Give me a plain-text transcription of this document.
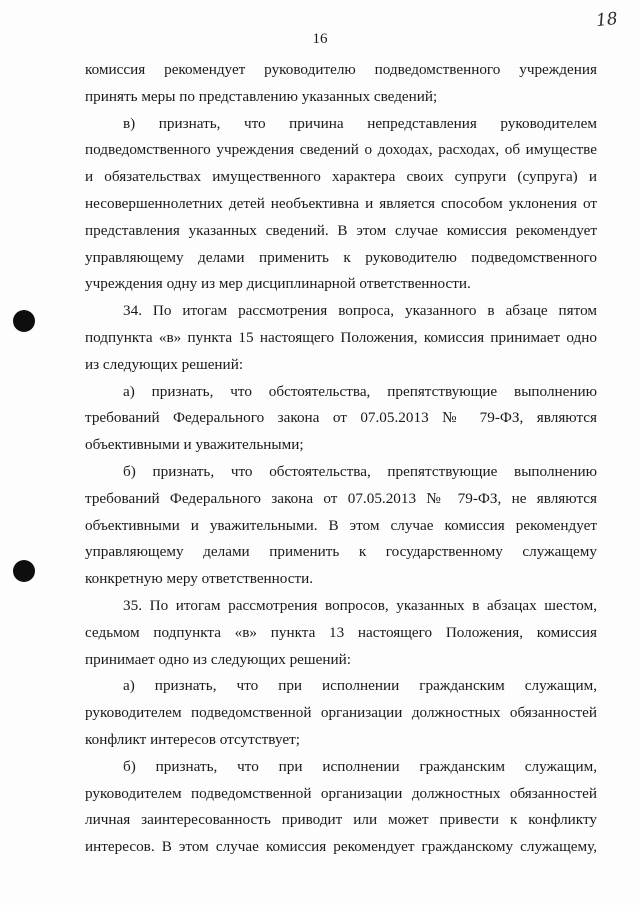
16
18
комиссия рекомендует руководителю подведомственного учреждения
принять меры по представлению указанных сведений;
в) признать, что причина непредставления руководителем
подведомственного учреждения сведений о доходах, расходах, об имуществе
и обязательствах имущественного характера своих супруги (супруга) и
несовершеннолетних детей необъективна и является способом уклонения от
представления указанных сведений. В этом случае комиссия рекомендует
управляющему делами применить к руководителю подведомственного
учреждения одну из мер дисциплинарной ответственности.
34. По итогам рассмотрения вопроса, указанного в абзаце пятом
подпункта «в» пункта 15 настоящего Положения, комиссия принимает одно
из следующих решений:
а) признать, что обстоятельства, препятствующие выполнению
требований Федерального закона от 07.05.2013 № 79-ФЗ, являются
объективными и уважительными;
б) признать, что обстоятельства, препятствующие выполнению
требований Федерального закона от 07.05.2013 № 79-ФЗ, не являются
объективными и уважительными. В этом случае комиссия рекомендует
управляющему делами применить к государственному служащему
конкретную меру ответственности.
35. По итогам рассмотрения вопросов, указанных в абзацах шестом,
седьмом подпункта «в» пункта 13 настоящего Положения, комиссия
принимает одно из следующих решений:
а) признать, что при исполнении гражданским служащим,
руководителем подведомственной организации должностных обязанностей
конфликт интересов отсутствует;
б) признать, что при исполнении гражданским служащим,
руководителем подведомственной организации должностных обязанностей
личная заинтересованность приводит или может привести к конфликту
интересов. В этом случае комиссия рекомендует гражданскому служащему,
